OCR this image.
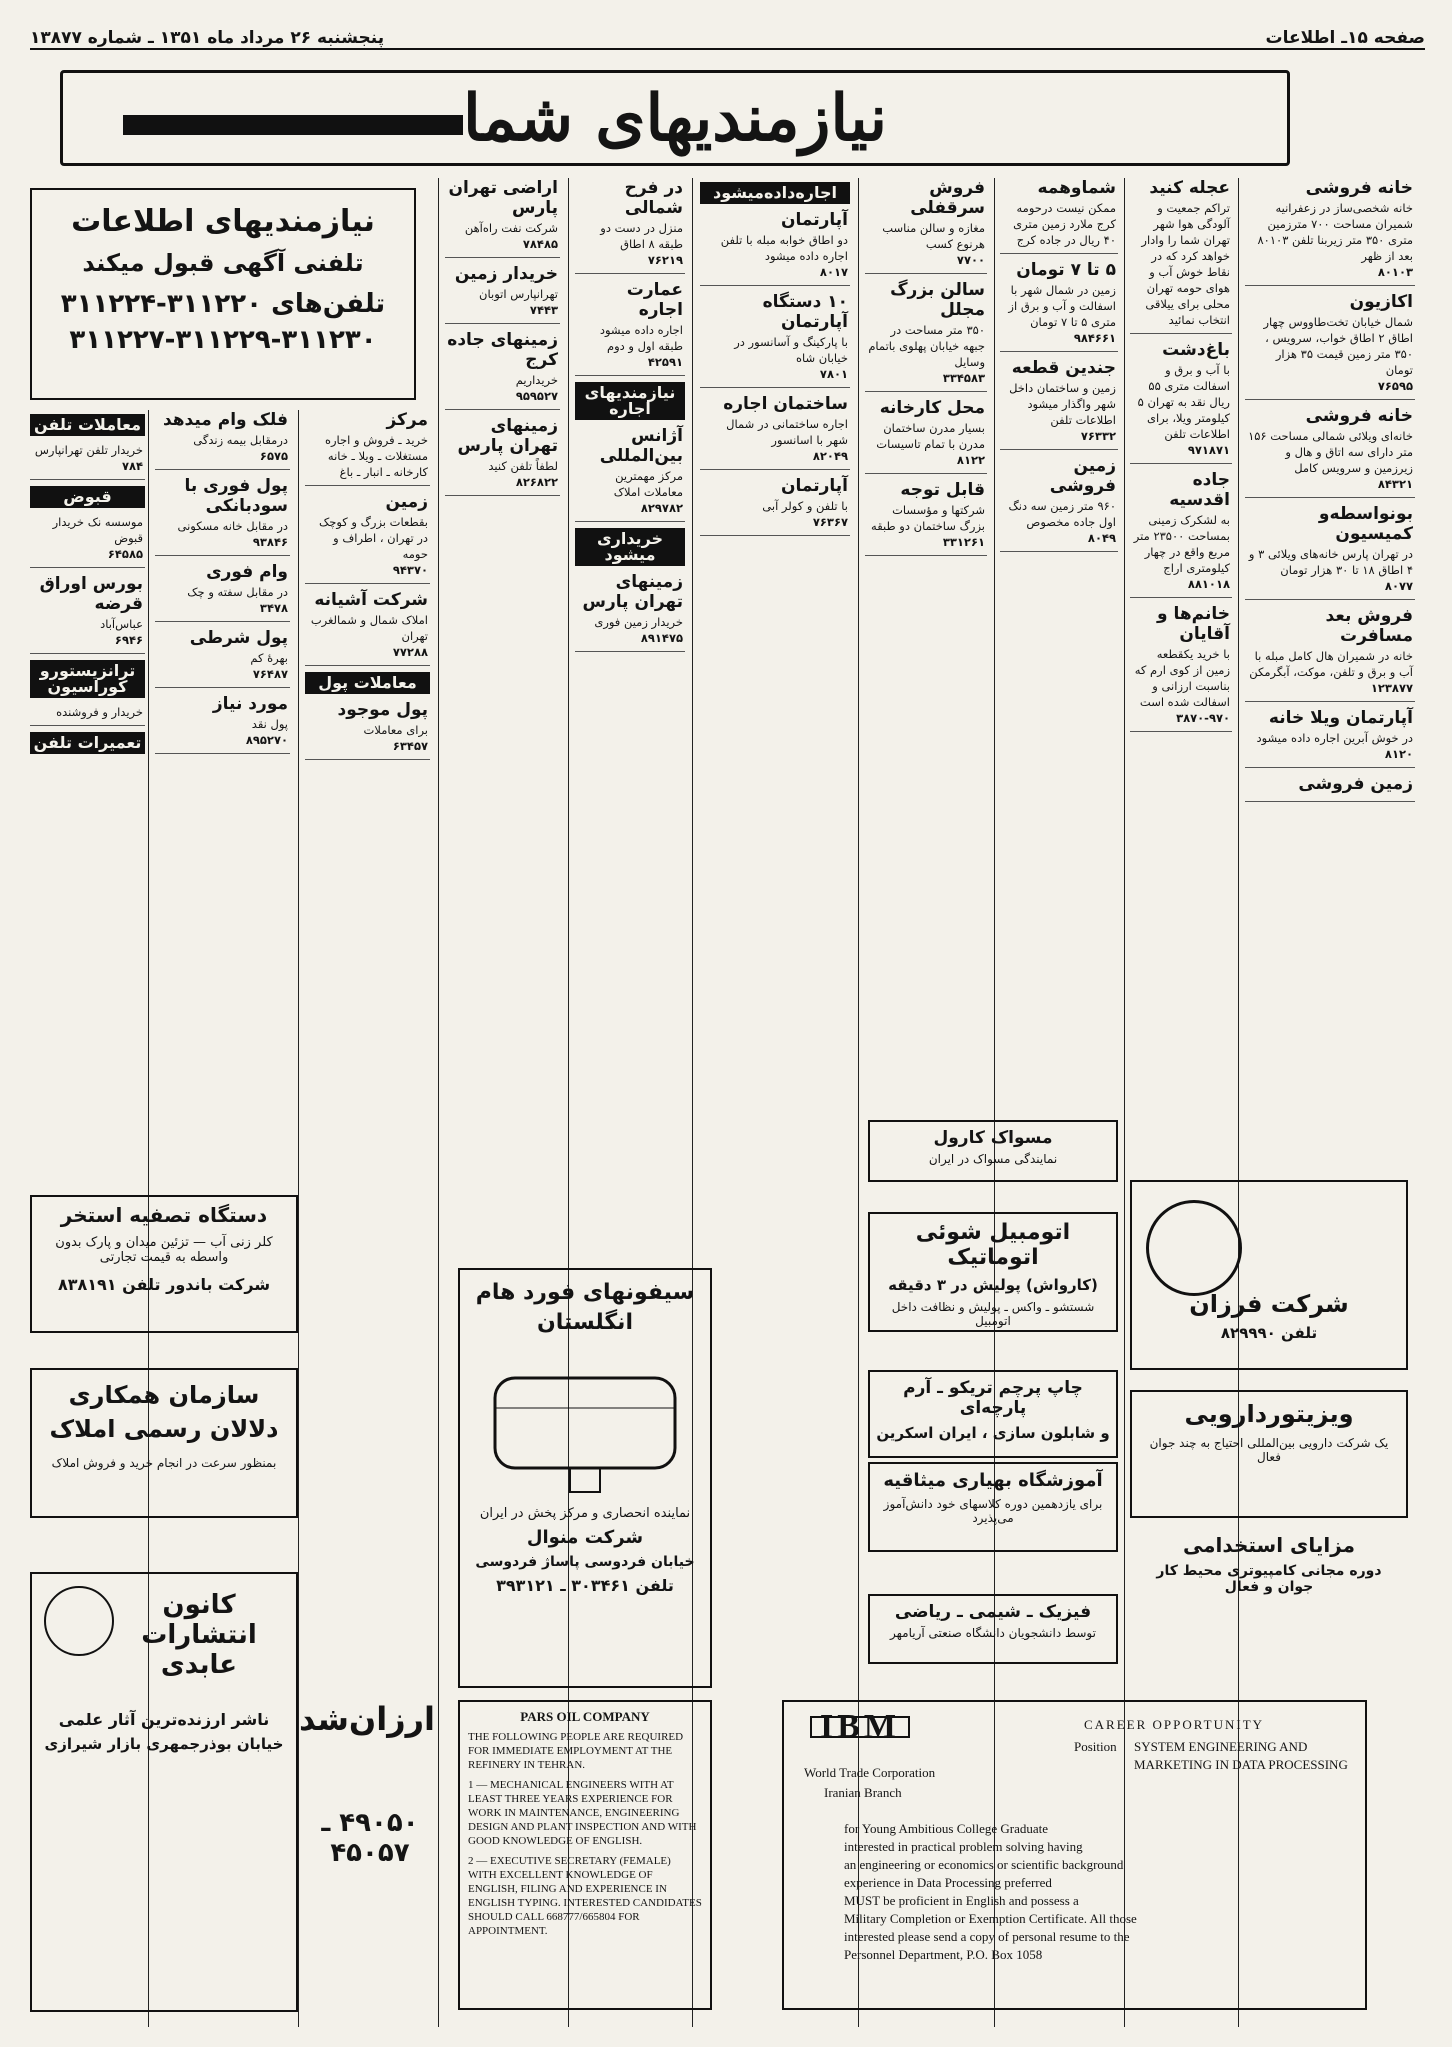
صفحه ۱۵ـ اطلاعات
پنجشنبه ۲۶ مرداد ماه ۱۳۵۱ ـ شماره ۱۳۸۷۷
نیازمندیهای شما
خانه فروشی

خانه شخصی‌ساز در زعفرانیه شمیران مساحت ۷۰۰ مترزمین متری ۳۵۰ متر زیربنا تلفن ۸۰۱۰۳ بعد از ظهر

۸۰۱۰۳

اکازیون

شمال خیابان تخت‌طاووس چهار اطاق ۲ اطاق خواب، سرویس ، ۳۵۰ متر زمین قیمت ۳۵ هزار تومان

۷۶۵۹۵

خانه فروشی

خانه‌ای ویلائی شمالی مساحت ۱۵۶ متر دارای سه اتاق و هال و زیرزمین و سرویس کامل

۸۴۳۲۱

بونواسطه‌و کمیسیون

در تهران پارس خانه‌های ویلائی ۳ و ۴ اطاق ۱۸ تا ۳۰ هزار تومان

۸۰۷۷

فروش بعد مسافرت

خانه در شمیران هال کامل مبله با آب و برق و تلفن، موکت، آبگرمکن

۱۲۳۸۷۷

آپارتمان ویلا خانه

در خوش آبرین اجاره داده میشود

۸۱۲۰

زمین فروشی
عجله کنید

تراکم جمعیت و آلودگی هوا شهر تهران شما را وادار خواهد کرد که در نقاط خوش آب و هوای حومه تهران محلی برای ییلاقی انتخاب نمائید

باغ‌دشت

با آب و برق و اسفالت متری ۵۵ ریال نقد به تهران ۵ کیلومتر ویلا، برای اطلاعات تلفن

۹۷۱۸۷۱

جاده اقدسیه

به لشکرک زمینی بمساحت ۲۳۵۰۰ متر مربع واقع در چهار کیلومتری اراج

۸۸۱۰۱۸

خانم‌ها و آقایان

با خرید یکقطعه زمین از کوی ارم که بناسبت ارزانی و اسفالت شده است

۳۸۷۰-۹۷۰

شماوهمه

ممکن نیست درحومه کرج ملارد زمین متری ۴۰ ریال در جاده کرج

۵ تا ۷ تومان

زمین در شمال شهر با اسفالت و آب و برق از متری ۵ تا ۷ تومان

۹۸۴۶۶۱

جندین قطعه

زمین و ساختمان داخل شهر واگذار میشود اطلاعات تلفن

۷۶۳۳۲

زمین فروشی

۹۶۰ متر زمین سه دنگ اول جاده مخصوص

۸۰۴۹

فروش سرقفلی

مغازه و سالن مناسب هرنوع کسب

۷۷۰۰

سالن بزرگ مجلل

۳۵۰ متر مساحت در جبهه خیابان پهلوی باتمام وسایل

۳۳۴۵۸۳

محل کارخانه

بسیار مدرن ساختمان مدرن با تمام تاسیسات

۸۱۲۲

قابل توجه

شرکتها و مؤسسات بزرگ ساختمان دو طبقه

۳۳۱۲۶۱

اجاره‌داده‌میشود
آپارتمان

دو اطاق خوابه مبله با تلفن اجاره داده میشود

۸۰۱۷

۱۰ دستگاه آپارتمان

با پارکینگ و آسانسور در خیابان شاه

۷۸۰۱

ساختمان اجاره

اجاره ساختمانی در شمال شهر با اسانسور

۸۲۰۴۹

آپارتمان

با تلفن و کولر آبی

۷۶۳۶۷

در فرح شمالی

منزل در دست دو طبقه ۸ اطاق

۷۶۲۱۹

عمارت اجاره

اجاره داده میشود طبقه اول و دوم

۴۲۵۹۱

نیازمندیهای اجاره
آژانس بین‌المللی

مرکز مهمترین معاملات املاک

۸۲۹۷۸۲

خریداری میشود
زمینهای تهران پارس

خریدار زمین فوری

۸۹۱۴۷۵

اراضی تهران پارس

شرکت نفت راه‌آهن

۷۸۴۸۵

خریدار زمین

تهرانپارس اتوبان

۷۴۴۳

زمینهای جاده کرج

خریداریم

۹۵۹۵۲۷

زمینهای تهران پارس

لطفاً تلفن کنید

۸۲۶۸۲۲

مرکز

خرید ـ فروش و اجاره مستغلات ـ ویلا ـ خانه کارخانه ـ انبار ـ باغ

زمین

بقطعات بزرگ و کوچک در تهران ، اطراف و حومه

۹۴۳۷۰

شرکت آشیانه

املاک شمال و شمالغرب تهران

۷۷۲۸۸

معاملات پول
پول موجود

برای معاملات

۶۳۴۵۷

فلک وام میدهد

درمقابل بیمه زندگی

۶۵۷۵

پول فوری با سودبانکی

در مقابل خانه مسکونی

۹۳۸۴۶

وام فوری

در مقابل سفته و چک

۳۴۷۸

پول شرطی

بهرهٔ کم

۷۶۴۸۷

مورد نیاز

پول نقد

۸۹۵۲۷۰

معاملات تلفن

خریدار تلفن تهرانپارس

۷۸۴

قبوض

موسسه نک خریدار قبوض

۶۴۵۸۵

بورس اوراق قرضه

عباس‌آباد

۶۹۴۶

ترانزیستورو کوراسیون

خریدار و فروشنده

تعمیرات تلفن
نیازمندیهای اطلاعات
تلفنی آگهی قبول میکند
تلفن‌های ۳۱۱۲۲۰-۳۱۱۲۲۴
۳۱۱۲۲۷-۳۱۱۲۲۹-۳۱۱۲۳۰
دستگاه تصفیه استخر
کلر زنی آب — تزئین میدان و پارک بدون واسطه به قیمت تجارتی
شرکت باندور تلفن ۸۳۸۱۹۱
سازمان همکاری دلالان رسمی املاک
بمنظور سرعت در انجام خرید و فروش املاک
کانون انتشارات عابدی
ناشر ارزنده‌ترین آثار علمی
خیابان بوذرجمهری بازار شیرازی
سیفونهای فورد هام انگلستان
نماینده انحصاری و مرکز پخش در ایران
شرکت منوال
خیابان فردوسی پاساژ فردوسی
تلفن ۳۰۳۴۶۱ ـ ۳۹۳۱۲۱
ارزان‌شد
۴۹۰۵۰ ـ ۴۵۰۵۷
PARS OIL COMPANY

THE FOLLOWING PEOPLE ARE REQUIRED FOR IMMEDIATE EMPLOYMENT AT THE REFINERY IN TEHRAN.

1 — MECHANICAL ENGINEERS WITH AT LEAST THREE YEARS EXPERIENCE FOR WORK IN MAINTENANCE, ENGINEERING DESIGN AND PLANT INSPECTION AND WITH GOOD KNOWLEDGE OF ENGLISH.

2 — EXECUTIVE SECRETARY (FEMALE) WITH EXCELLENT KNOWLEDGE OF ENGLISH, FILING AND EXPERIENCE IN ENGLISH TYPING. INTERESTED CANDIDATES SHOULD CALL 668777/665804 FOR APPOINTMENT.

IBM
World Trade Corporation
Iranian Branch
CAREER OPPORTUNITY
Position SYSTEM ENGINEERING AND MARKETING IN DATA PROCESSING
for Young Ambitious College Graduate
interested in practical problem solving having
an engineering or economics or scientific background
experience in Data Processing preferred
MUST be proficient in English and possess a
Military Completion or Exemption Certificate. All those
interested please send a copy of personal resume to the
Personnel Department, P.O. Box 1058
اتومبیل شوئی اتوماتیک
(کارواش) پولیش در ۳ دقیقه
شستشو ـ واکس ـ پولیش و نظافت داخل اتومبیل
چاپ پرچم تریکو ـ آرم پارچه‌ای
و شابلون سازی ، ایران اسکرین
آموزشگاه بهیاری میثاقیه
برای یازدهمین دوره کلاسهای خود دانش‌آموز می‌پذیرد
فیزیک ـ شیمی ـ ریاضی
توسط دانشجویان دانشگاه صنعتی آریامهر
مسواک کارول
نمایندگی مسواک در ایران
شرکت فرزان
تلفن ۸۲۹۹۹۰
ویزیتوردارویی
یک شرکت دارویی بین‌المللی احتیاج به چند جوان فعال
مزایای استخدامی
دوره مجانی کامپیوتری محیط کار جوان و فعال
